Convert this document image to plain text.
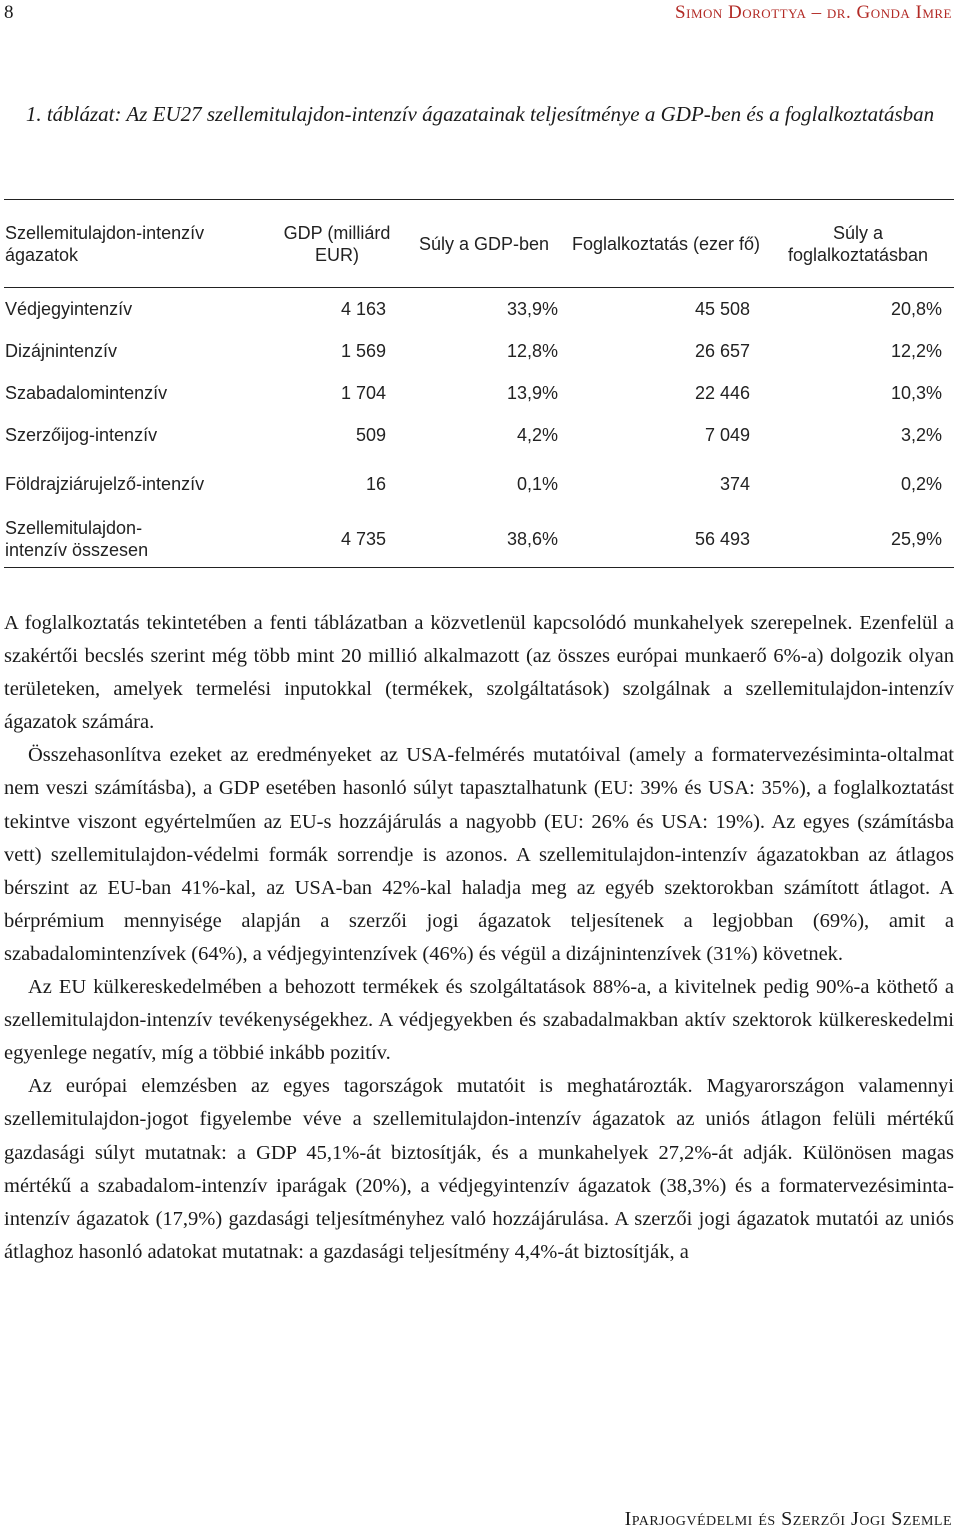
8	Simon Dorottya – dr. Gonda Imre
1. táblázat: Az EU27 szellemitulajdon-intenzív ágazatainak teljesítménye a GDP-ben és a foglalkoztatásban
Szellemitulajdon-intenzív ágazatok	GDP (milliárd EUR)	Súly a GDP-ben	Foglalkoztatás (ezer fő)	Súly a foglalkoztatásban
Védjegyintenzív	4 163	33,9%	45 508	20,8%
Dizájnintenzív	1 569	12,8%	26 657	12,2%
Szabadalomintenzív	1 704	13,9%	22 446	10,3%
Szerzőijog-intenzív	509	4,2%	7 049	3,2%
Földrajziárujelző-intenzív	16	0,1%	374	0,2%
Szellemitulajdon-intenzív összesen	4 735	38,6%	56 493	25,9%

A foglalkoztatás tekintetében a fenti táblázatban a közvetlenül kapcsolódó munkahelyek szerepelnek. Ezenfelül a szakértői becslés szerint még több mint 20 millió alkalmazott (az összes európai munkaerő 6%-a) dolgozik olyan területeken, amelyek termelési inputokkal (termékek, szolgáltatások) szolgálnak a szellemitulajdon-intenzív ágazatok számára.

Összehasonlítva ezeket az eredményeket az USA-felmérés mutatóival (amely a formatervezésiminta-oltalmat nem veszi számításba), a GDP esetében hasonló súlyt tapasztalhatunk (EU: 39% és USA: 35%), a foglalkoztatást tekintve viszont egyértelműen az EU-s hozzájárulás a nagyobb (EU: 26% és USA: 19%). Az egyes (számításba vett) szellemitulajdon-védelmi formák sorrendje is azonos. A szellemitulajdon-intenzív ágazatokban az átlagos bérszint az EU-ban 41%-kal, az USA-ban 42%-kal haladja meg az egyéb szektorokban számított átlagot. A bérprémium mennyisége alapján a szerzői jogi ágazatok teljesítenek a legjobban (69%), amit a szabadalomintenzívek (64%), a védjegyintenzívek (46%) és végül a dizájnintenzívek (31%) követnek.

Az EU külkereskedelmében a behozott termékek és szolgáltatások 88%-a, a kivitelnek pedig 90%-a köthető a szellemitulajdon-intenzív tevékenységekhez. A védjegyekben és szabadalmakban aktív szektorok külkereskedelmi egyenlege negatív, míg a többié inkább pozitív.

Az európai elemzésben az egyes tagországok mutatóit is meghatározták. Magyarországon valamennyi szellemitulajdon-jogot figyelembe véve a szellemitulajdon-intenzív ágazatok az uniós átlagon felüli mértékű gazdasági súlyt mutatnak: a GDP 45,1%-át biztosítják, és a munkahelyek 27,2%-át adják. Különösen magas mértékű a szabadalom-intenzív iparágak (20%), a védjegyintenzív ágazatok (38,3%) és a formatervezésiminta-intenzív ágazatok (17,9%) gazdasági teljesítményhez való hozzájárulása. A szerzői jogi ágazatok mutatói az uniós átlaghoz hasonló adatokat mutatnak: a gazdasági teljesítmény 4,4%-át biztosítják, a

Iparjogvédelmi és Szerzői Jogi Szemle
